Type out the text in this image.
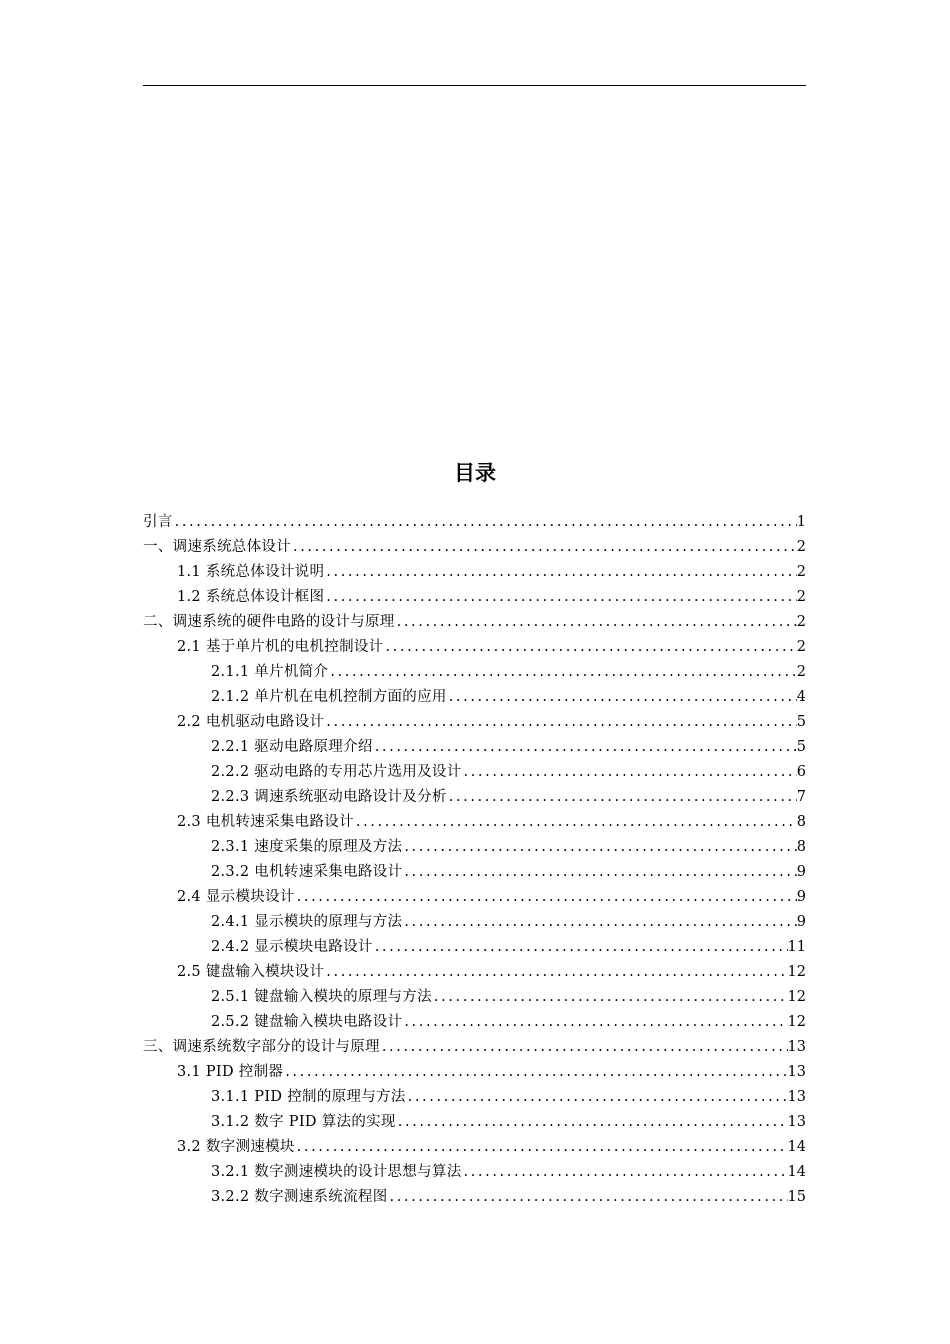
目录
引言 .....	1
一、调速系统总体设计 .....	2
1.1 系统总体设计说明 .....	2
1.2 系统总体设计框图 .....	2
二、调速系统的硬件电路的设计与原理 .....	2
2.1 基于单片机的电机控制设计 .....	2
2.1.1 单片机简介 .....	2
2.1.2 单片机在电机控制方面的应用 .....	4
2.2 电机驱动电路设计 .....	5
2.2.1 驱动电路原理介绍 .....	5
2.2.2 驱动电路的专用芯片选用及设计 .....	6
2.2.3 调速系统驱动电路设计及分析 .....	7
2.3 电机转速采集电路设计 .....	8
2.3.1 速度采集的原理及方法 .....	8
2.3.2 电机转速采集电路设计 .....	9
2.4 显示模块设计 .....	9
2.4.1 显示模块的原理与方法 .....	9
2.4.2 显示模块电路设计 .....	11
2.5 键盘输入模块设计 .....	12
2.5.1 键盘输入模块的原理与方法 .....	12
2.5.2 键盘输入模块电路设计 .....	12
三、调速系统数字部分的设计与原理 .....	13
3.1 PID 控制器 .....	13
3.1.1 PID 控制的原理与方法 .....	13
3.1.2 数字 PID 算法的实现 .....	13
3.2 数字测速模块 .....	14
3.2.1 数字测速模块的设计思想与算法 .....	14
3.2.2 数字测速系统流程图 .....	15
